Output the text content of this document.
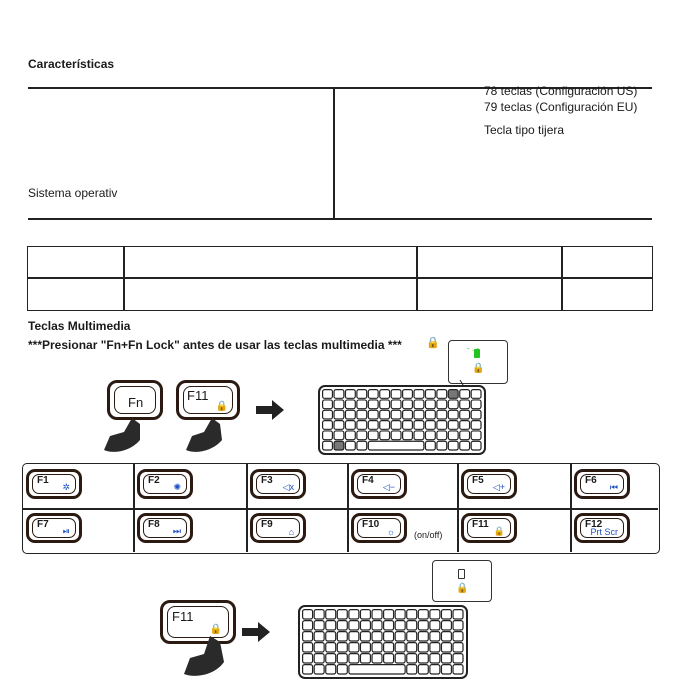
Características
78 teclas (Configuración US)
79 teclas (Configuración EU)
Tecla tipo tijera
Sistema operativ
Teclas Multimedia
***Presionar "Fn+Fn Lock" antes de usar las teclas multimedia *** 🔒	- . -
🔒
Fn	F11
🔒
F1
✲
F2
✺
F3
◁x
F4
◁−
F5
◁+
F6
⏮
F7
⏯
F8
⏭
F9
⌂
F10
☼ (on/off)
F11
🔒
F12
Prt Scr
🔒
F11
🔒
